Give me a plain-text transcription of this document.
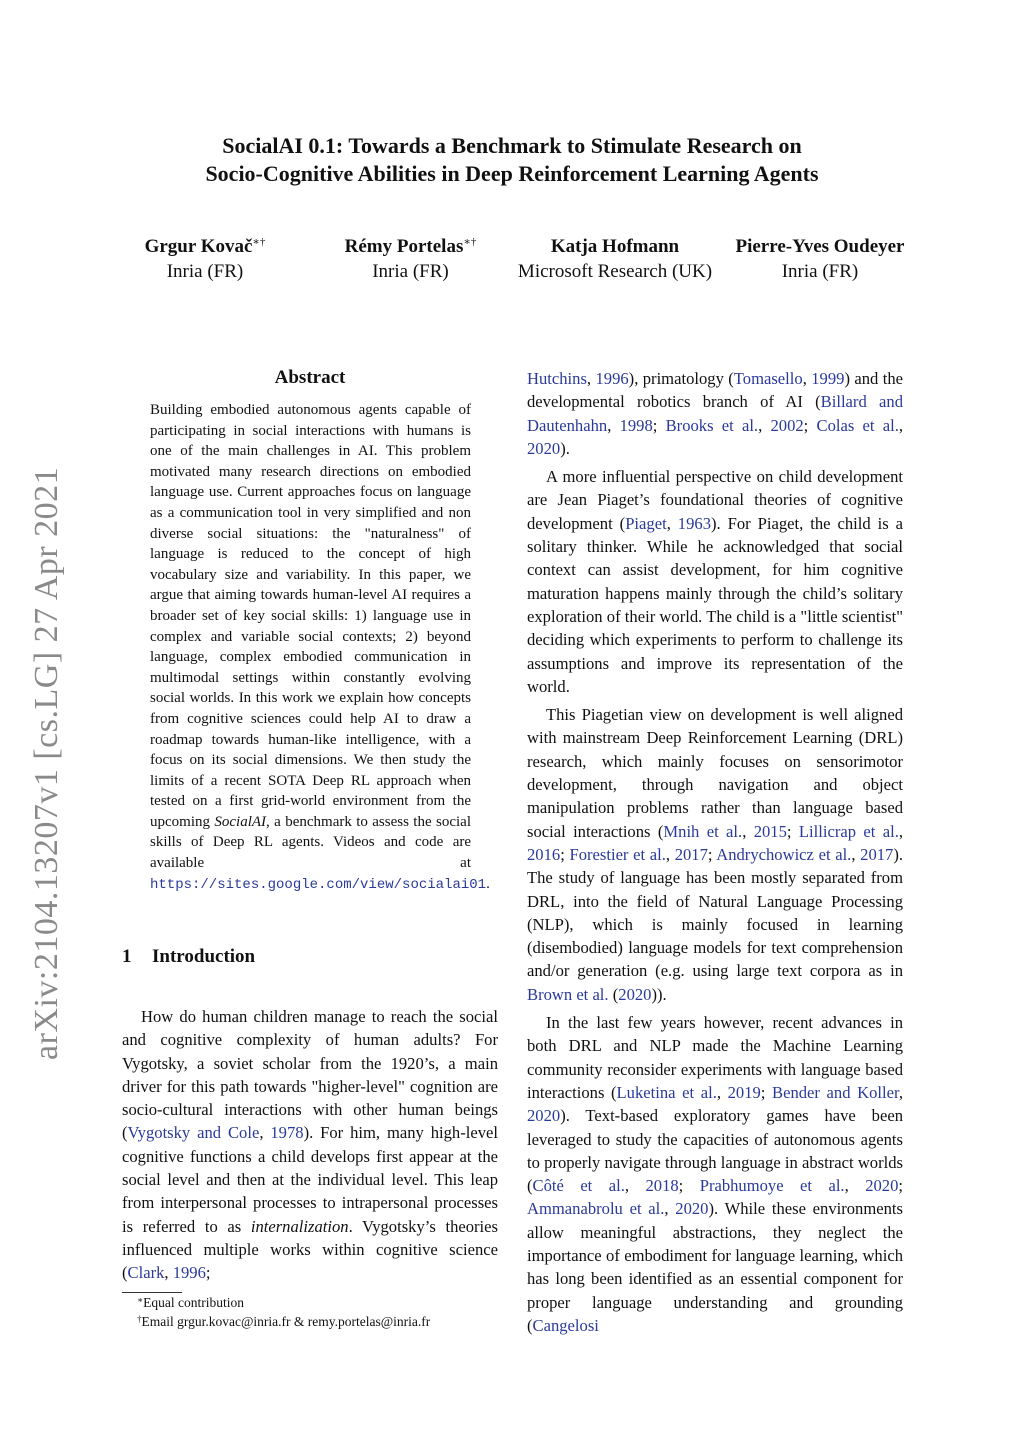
SocialAI 0.1: Towards a Benchmark to Stimulate Research on
Socio-Cognitive Abilities in Deep Reinforcement Learning Agents
Grgur Kovač∗†
Inria (FR)
Rémy Portelas∗†
Inria (FR)
Katja Hofmann
Microsoft Research (UK)
Pierre-Yves Oudeyer
Inria (FR)
arXiv:2104.13207v1 [cs.LG] 27 Apr 2021
Abstract
Building embodied autonomous agents capable of participating in social interactions with humans is one of the main challenges in AI. This problem motivated many research directions on embodied language use. Current approaches focus on language as a communication tool in very simplified and non diverse social situations: the "naturalness" of language is reduced to the concept of high vocabulary size and variability. In this paper, we argue that aiming towards human-level AI requires a broader set of key social skills: 1) language use in complex and variable social contexts; 2) beyond language, complex embodied communication in multimodal settings within constantly evolving social worlds. In this work we explain how concepts from cognitive sciences could help AI to draw a roadmap towards human-like intelligence, with a focus on its social dimensions. We then study the limits of a recent SOTA Deep RL approach when tested on a first grid-world environment from the upcoming SocialAI, a benchmark to assess the social skills of Deep RL agents. Videos and code are available at https://sites.google.com/view/socialai01.
1 Introduction

How do human children manage to reach the social and cognitive complexity of human adults? For Vygotsky, a soviet scholar from the 1920’s, a main driver for this path towards "higher-level" cognition are socio-cultural interactions with other human beings (Vygotsky and Cole, 1978). For him, many high-level cognitive functions a child develops first appear at the social level and then at the individual level. This leap from interpersonal processes to intrapersonal processes is referred to as internalization. Vygotsky’s theories influenced multiple works within cognitive science (Clark, 1996;

∗Equal contribution
†Email grgur.kovac@inria.fr & remy.portelas@inria.fr

Hutchins, 1996), primatology (Tomasello, 1999) and the developmental robotics branch of AI (Billard and Dautenhahn, 1998; Brooks et al., 2002; Colas et al., 2020).

A more influential perspective on child development are Jean Piaget’s foundational theories of cognitive development (Piaget, 1963). For Piaget, the child is a solitary thinker. While he acknowledged that social context can assist development, for him cognitive maturation happens mainly through the child’s solitary exploration of their world. The child is a "little scientist" deciding which experiments to perform to challenge its assumptions and improve its representation of the world.

This Piagetian view on development is well aligned with mainstream Deep Reinforcement Learning (DRL) research, which mainly focuses on sensorimotor development, through navigation and object manipulation problems rather than language based social interactions (Mnih et al., 2015; Lillicrap et al., 2016; Forestier et al., 2017; Andrychowicz et al., 2017). The study of language has been mostly separated from DRL, into the field of Natural Language Processing (NLP), which is mainly focused in learning (disembodied) language models for text comprehension and/or generation (e.g. using large text corpora as in Brown et al. (2020)).

In the last few years however, recent advances in both DRL and NLP made the Machine Learning community reconsider experiments with language based interactions (Luketina et al., 2019; Bender and Koller, 2020). Text-based exploratory games have been leveraged to study the capacities of autonomous agents to properly navigate through language in abstract worlds (Côté et al., 2018; Prabhumoye et al., 2020; Ammanabrolu et al., 2020). While these environments allow meaningful abstractions, they neglect the importance of embodiment for language learning, which has long been identified as an essential component for proper language understanding and grounding (Cangelosi
